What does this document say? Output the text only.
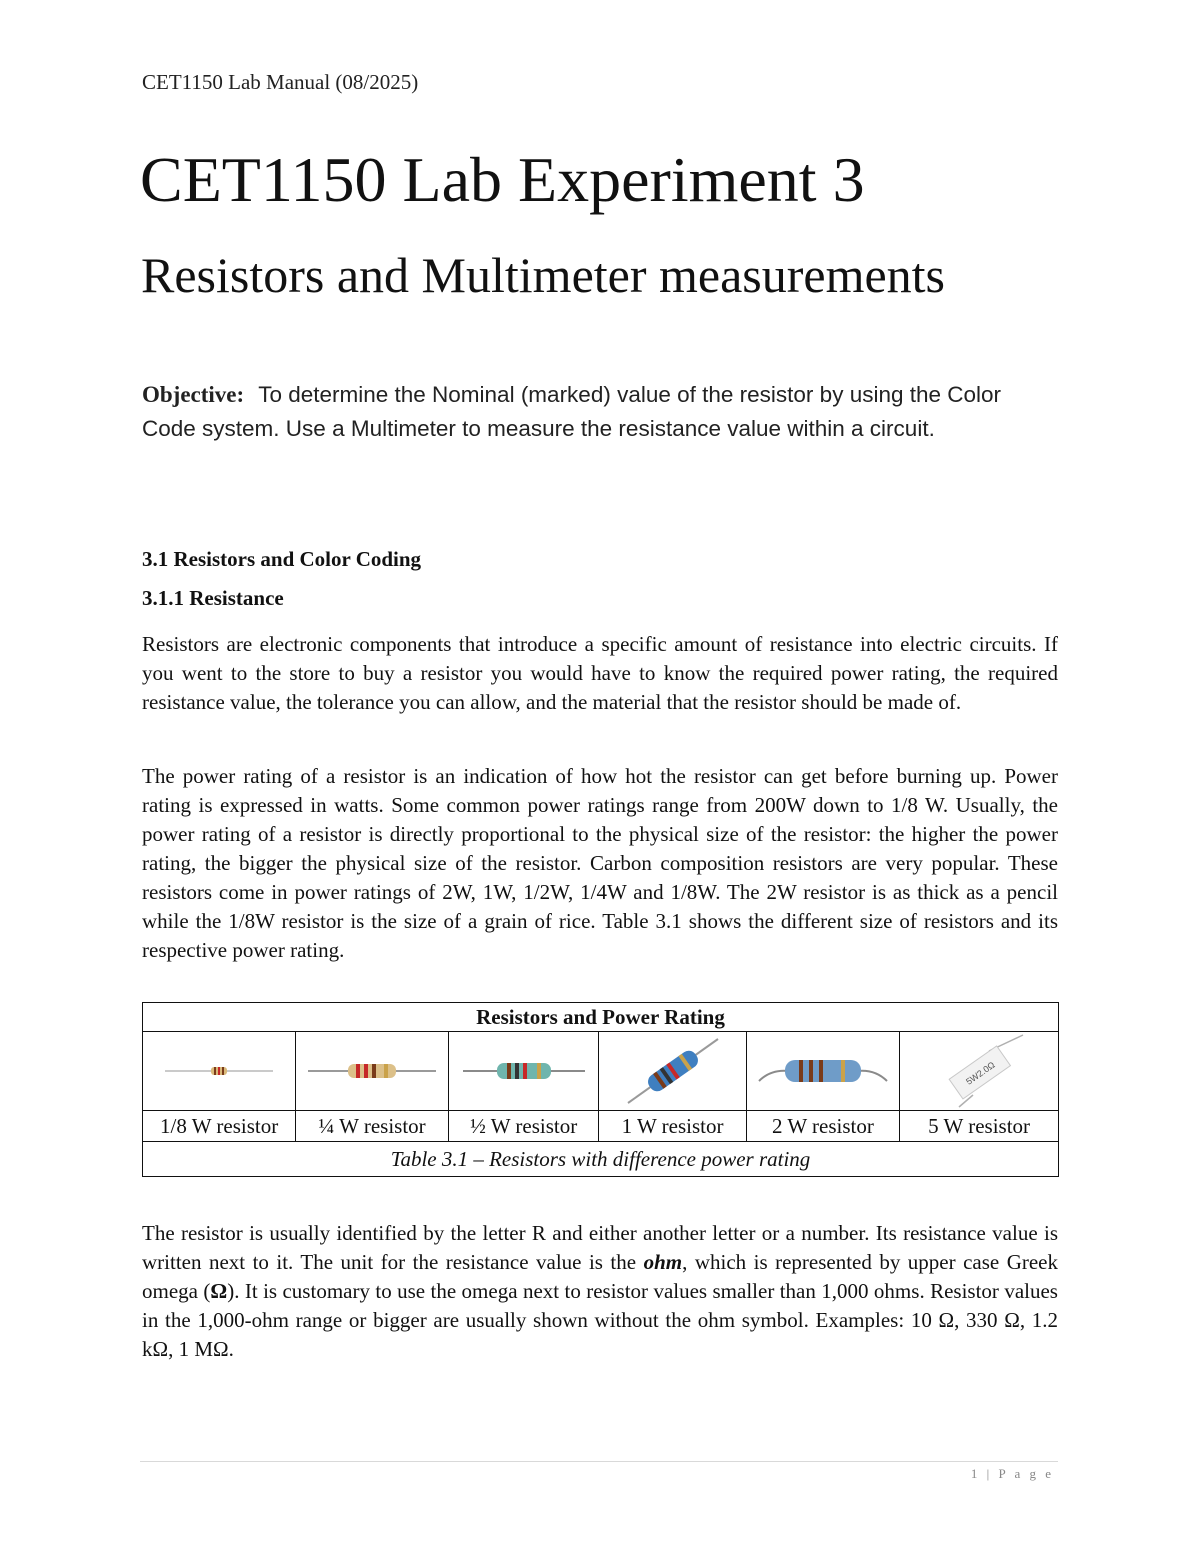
CET1150 Lab Manual (08/2025)
CET1150 Lab Experiment 3
Resistors and Multimeter measurements
Objective: To determine the Nominal (marked) value of the resistor by using the Color Code system. Use a Multimeter to measure the resistance value within a circuit.
3.1 Resistors and Color Coding
3.1.1 Resistance
Resistors are electronic components that introduce a specific amount of resistance into electric circuits. If you went to the store to buy a resistor you would have to know the required power rating, the required resistance value, the tolerance you can allow, and the material that the resistor should be made of.
The power rating of a resistor is an indication of how hot the resistor can get before burning up. Power rating is expressed in watts. Some common power ratings range from 200W down to 1/8 W. Usually, the power rating of a resistor is directly proportional to the physical size of the resistor: the higher the power rating, the bigger the physical size of the resistor. Carbon composition resistors are very popular. These resistors come in power ratings of 2W, 1W, 1/2W, 1/4W and 1/8W. The 2W resistor is as thick as a pencil while the 1/8W resistor is the size of a grain of rice. Table 3.1 shows the different size of resistors and its respective power rating.
Resistors and Power Rating					

5W2.0Ω

1/8 W resistor	¼ W resistor	½ W resistor	1 W resistor	2 W resistor	5 W resistor
Table 3.1 – Resistors with difference power rating					
The resistor is usually identified by the letter R and either another letter or a number. Its resistance value is written next to it. The unit for the resistance value is the ohm, which is represented by upper case Greek omega (Ω). It is customary to use the omega next to resistor values smaller than 1,000 ohms. Resistor values in the 1,000-ohm range or bigger are usually shown without the ohm symbol. Examples: 10 Ω, 330 Ω, 1.2 kΩ, 1 MΩ.
1 | P a g e
